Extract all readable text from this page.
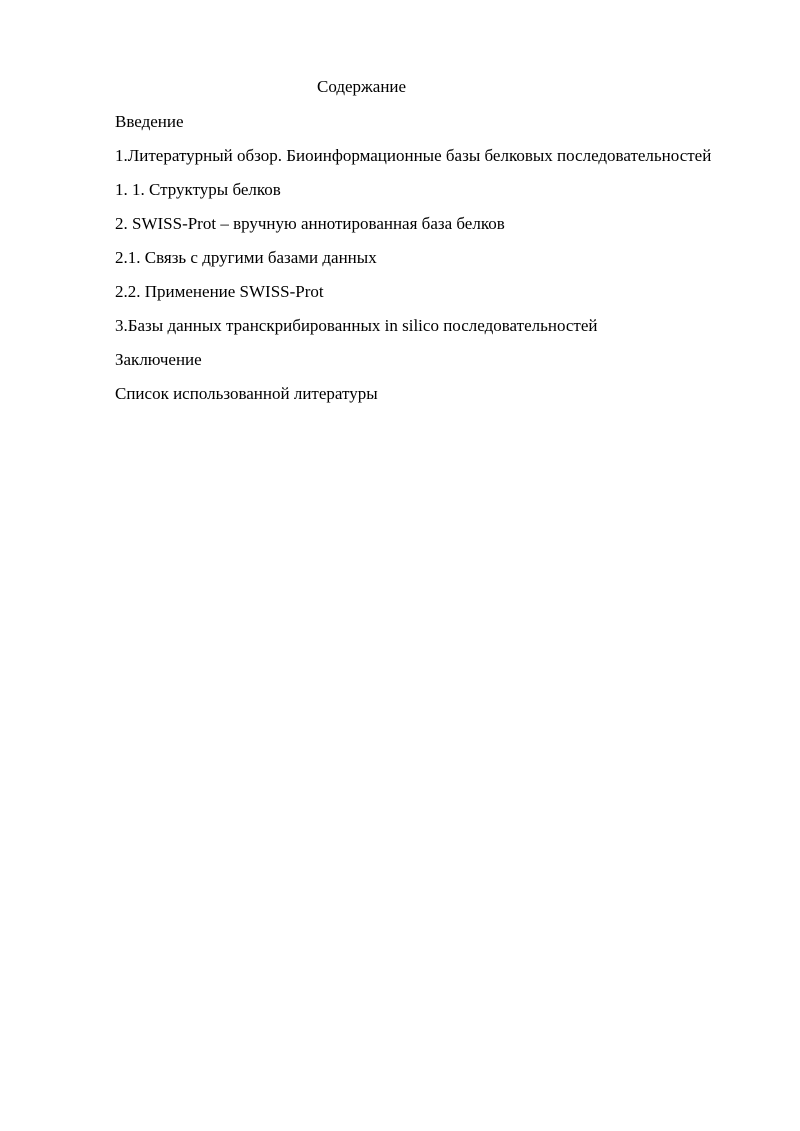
Содержание

Введение

1.Литературный обзор. Биоинформационные базы белковых последовательностей

1. 1. Структуры белков

2. SWISS-Prot – вручную аннотированная база белков

2.1. Связь с другими базами данных

2.2. Применение SWISS-Prot

3.Базы данных транскрибированных in silico последовательностей

Заключение

Список использованной литературы
